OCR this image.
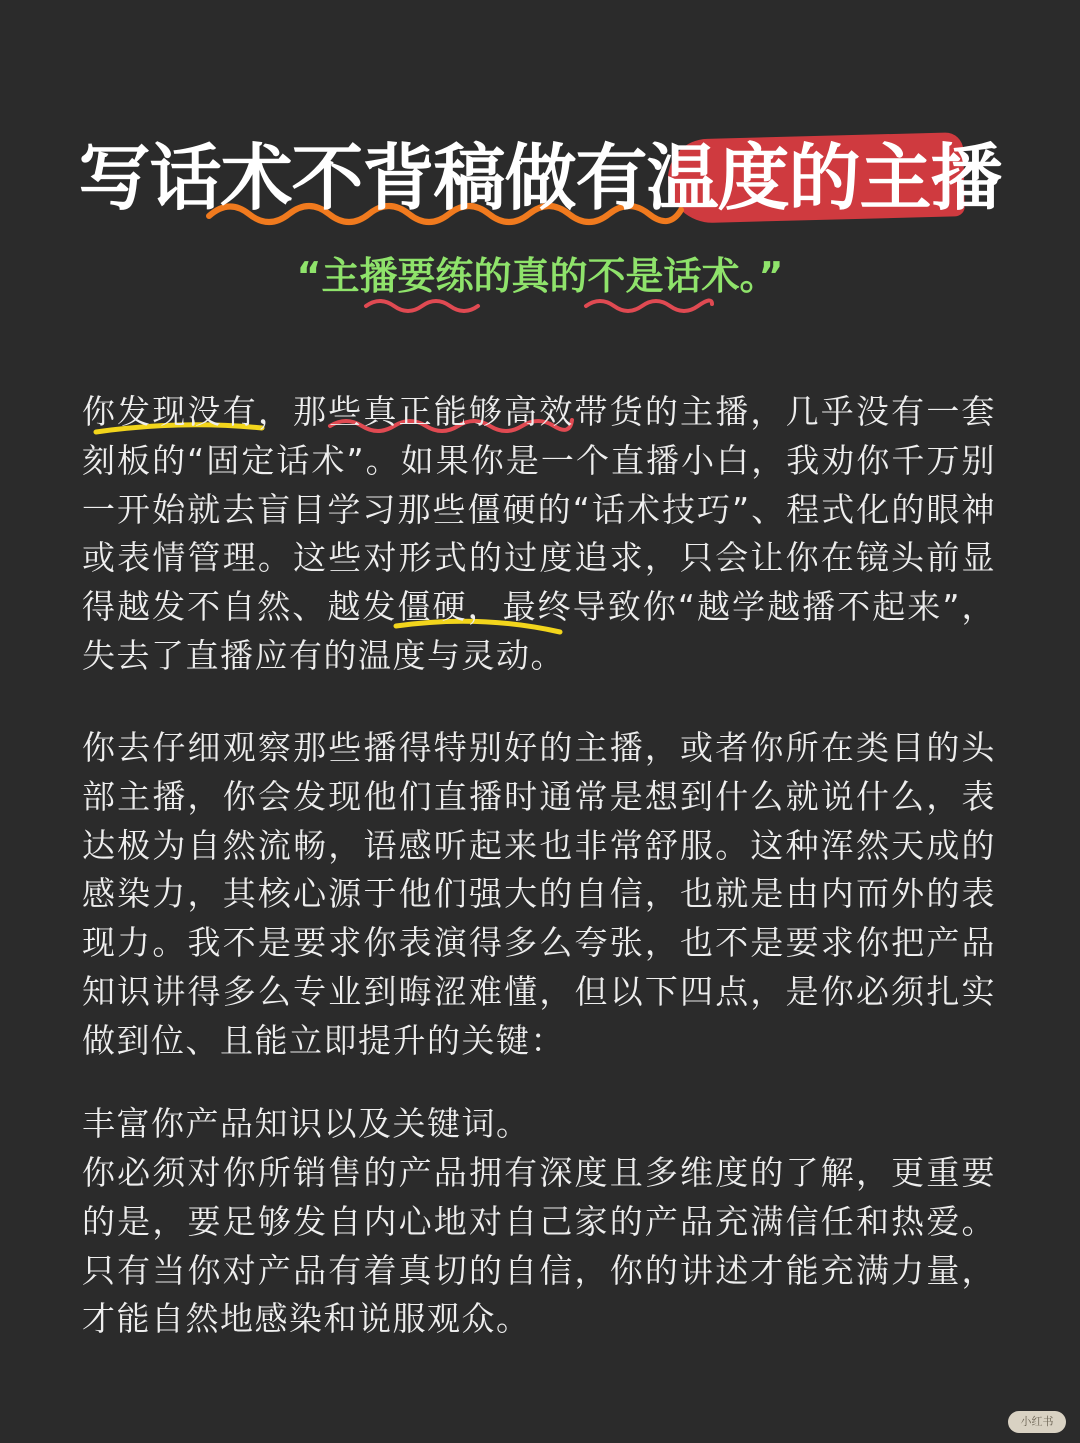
写话术不背稿做有温度的主播
“主播要练的真的不是话术。”

你发现没有，那些真正能够高效带货的主播，几乎没有一套刻板的“固定话术”。如果你是一个直播小白，我劝你千万别一开始就去盲目学习那些僵硬的“话术技巧”、程式化的眼神或表情管理。这些对形式的过度追求，只会让你在镜头前显得越发不自然、越发僵硬，最终导致你“越学越播不起来”，失去了直播应有的温度与灵动。

你去仔细观察那些播得特别好的主播，或者你所在类目的头部主播，你会发现他们直播时通常是想到什么就说什么，表达极为自然流畅，语感听起来也非常舒服。这种浑然天成的感染力，其核心源于他们强大的自信，也就是由内而外的表现力。我不是要求你表演得多么夸张，也不是要求你把产品知识讲得多么专业到晦涩难懂，但以下四点，是你必须扎实做到位、且能立即提升的关键：

丰富你产品知识以及关键词。

你必须对你所销售的产品拥有深度且多维度的了解，更重要的是，要足够发自内心地对自己家的产品充满信任和热爱。只有当你对产品有着真切的自信，你的讲述才能充满力量，才能自然地感染和说服观众。

小红书
